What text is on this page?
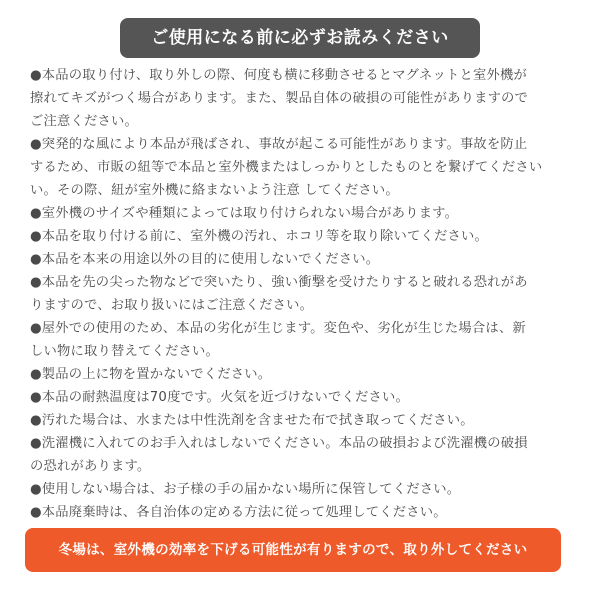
ご使用になる前に必ずお読みください
●本品の取り付け、取り外しの際、何度も横に移動させるとマグネットと室外機が
擦れてキズがつく場合があります。また、製品自体の破損の可能性がありますので
ご注意ください。
●突発的な風により本品が飛ばされ、事故が起こる可能性があります。事故を防止
するため、市販の紐等で本品と室外機またはしっかりとしたものとを繋げてください
い。その際、紐が室外機に絡まないよう注意 してください。
●室外機のサイズや種類によっては取り付けられない場合があります。
●本品を取り付ける前に、室外機の汚れ、ホコリ等を取り除いてください。
●本品を本来の用途以外の目的に使用しないでください。
●本品を先の尖った物などで突いたり、強い衝撃を受けたりすると破れる恐れがあ
りますので、お取り扱いにはご注意ください。
●屋外での使用のため、本品の劣化が生じます。変色や、劣化が生じた場合は、新
しい物に取り替えてください。
●製品の上に物を置かないでください。
●本品の耐熱温度は70度です。火気を近づけないでください。
●汚れた場合は、水または中性洗剤を含ませた布で拭き取ってください。
●洗濯機に入れてのお手入れはしないでください。本品の破損および洗濯機の破損
の恐れがあります。
●使用しない場合は、お子様の手の届かない場所に保管してください。
●本品廃棄時は、各自治体の定める方法に従って処理してください。
冬場は、室外機の効率を下げる可能性が有りますので、取り外してください
